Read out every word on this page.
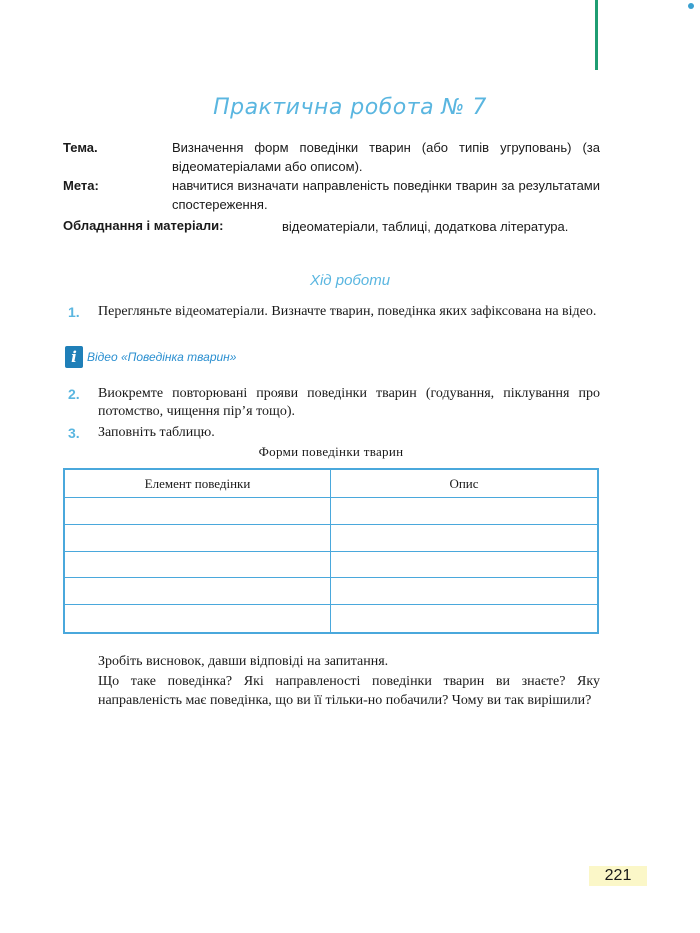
Практична робота № 7
Тема.	Визначення форм поведінки тварин (або типів угруповань) (за відеоматеріалами або описом).
Мета:	навчитися визначати направленість поведінки тварин за результатами спостереження.
Обладнання і матеріали:	відеоматеріали, таблиці, додаткова література.
Хід роботи
1. Перегляньте відеоматеріали. Визначте тварин, поведінка яких зафіксована на відео.
i Відео «Поведінка тварин»
2. Виокремте повторювані прояви поведінки тварин (годування, піклування про потомство, чищення пір’я тощо).
3. Заповніть таблицю.
Форми поведінки тварин
Елемент поведінки	Опис
Зробіть висновок, давши відповіді на запитання.
Що таке поведінка? Які направленості поведінки тварин ви знаєте? Яку направленість має поведінка, що ви її тільки-но побачили? Чому ви так вирішили?
221
